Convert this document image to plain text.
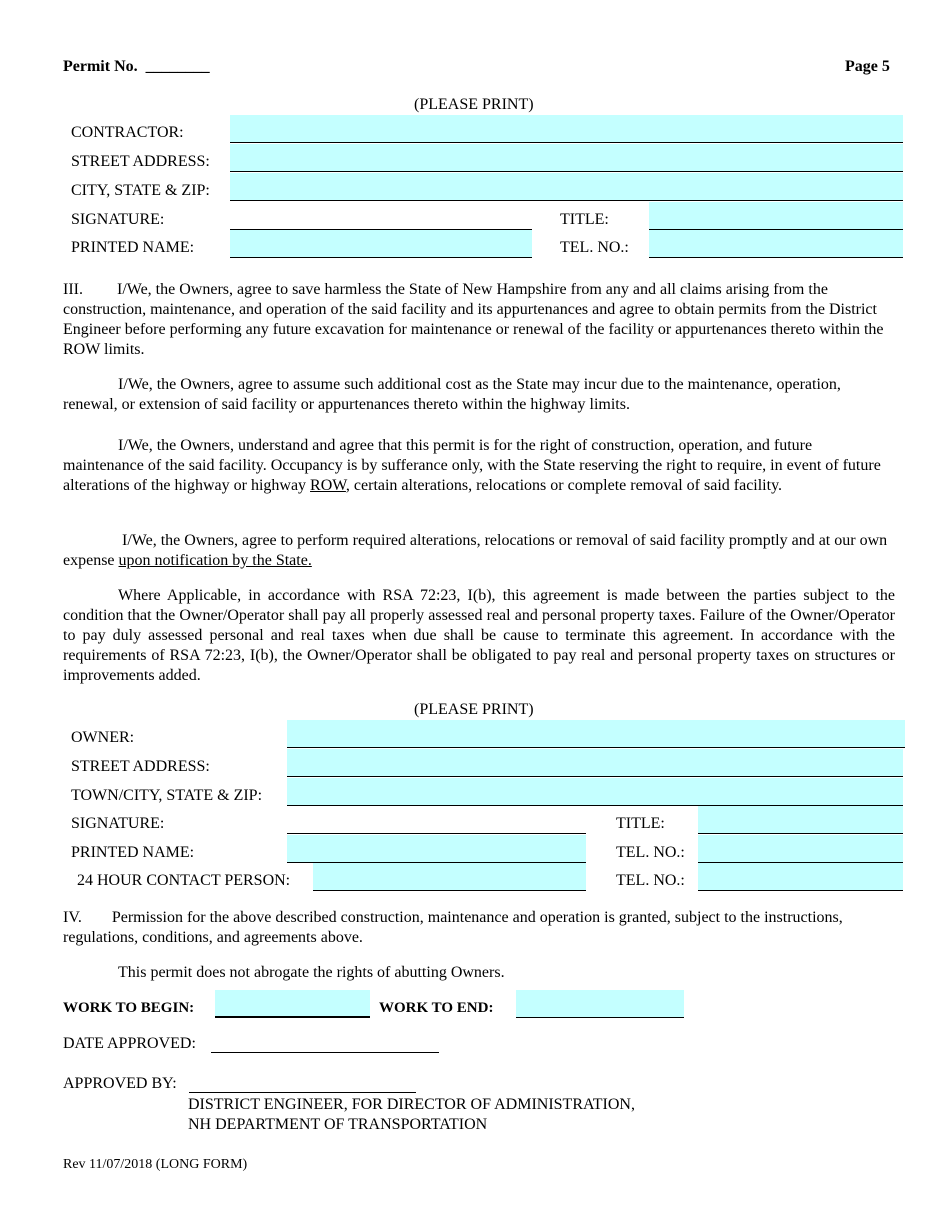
Permit No. ________	Page 5
(PLEASE PRINT)
CONTRACTOR:
STREET ADDRESS:
CITY, STATE & ZIP:
SIGNATURE:	TITLE:
PRINTED NAME:	TEL. NO.:
III. I/We, the Owners, agree to save harmless the State of New Hampshire from any and all claims arising from the construction, maintenance, and operation of the said facility and its appurtenances and agree to obtain permits from the District Engineer before performing any future excavation for maintenance or renewal of the facility or appurtenances thereto within the ROW limits.
I/We, the Owners, agree to assume such additional cost as the State may incur due to the maintenance, operation, renewal, or extension of said facility or appurtenances thereto within the highway limits.
I/We, the Owners, understand and agree that this permit is for the right of construction, operation, and future maintenance of the said facility. Occupancy is by sufferance only, with the State reserving the right to require, in event of future alterations of the highway or highway ROW, certain alterations, relocations or complete removal of said facility.
I/We, the Owners, agree to perform required alterations, relocations or removal of said facility promptly and at our own expense upon notification by the State.
Where Applicable, in accordance with RSA 72:23, I(b), this agreement is made between the parties subject to the condition that the Owner/Operator shall pay all properly assessed real and personal property taxes. Failure of the Owner/Operator to pay duly assessed personal and real taxes when due shall be cause to terminate this agreement. In accordance with the requirements of RSA 72:23, I(b), the Owner/Operator shall be obligated to pay real and personal property taxes on structures or improvements added.
(PLEASE PRINT)
OWNER:
STREET ADDRESS:
TOWN/CITY, STATE & ZIP:
SIGNATURE:	TITLE:
PRINTED NAME:	TEL. NO.:
24 HOUR CONTACT PERSON:	TEL. NO.:
IV. Permission for the above described construction, maintenance and operation is granted, subject to the instructions, regulations, conditions, and agreements above.
This permit does not abrogate the rights of abutting Owners.
WORK TO BEGIN:	WORK TO END:
DATE APPROVED:
APPROVED BY:
DISTRICT ENGINEER, FOR DIRECTOR OF ADMINISTRATION,
NH DEPARTMENT OF TRANSPORTATION
Rev 11/07/2018 (LONG FORM)
